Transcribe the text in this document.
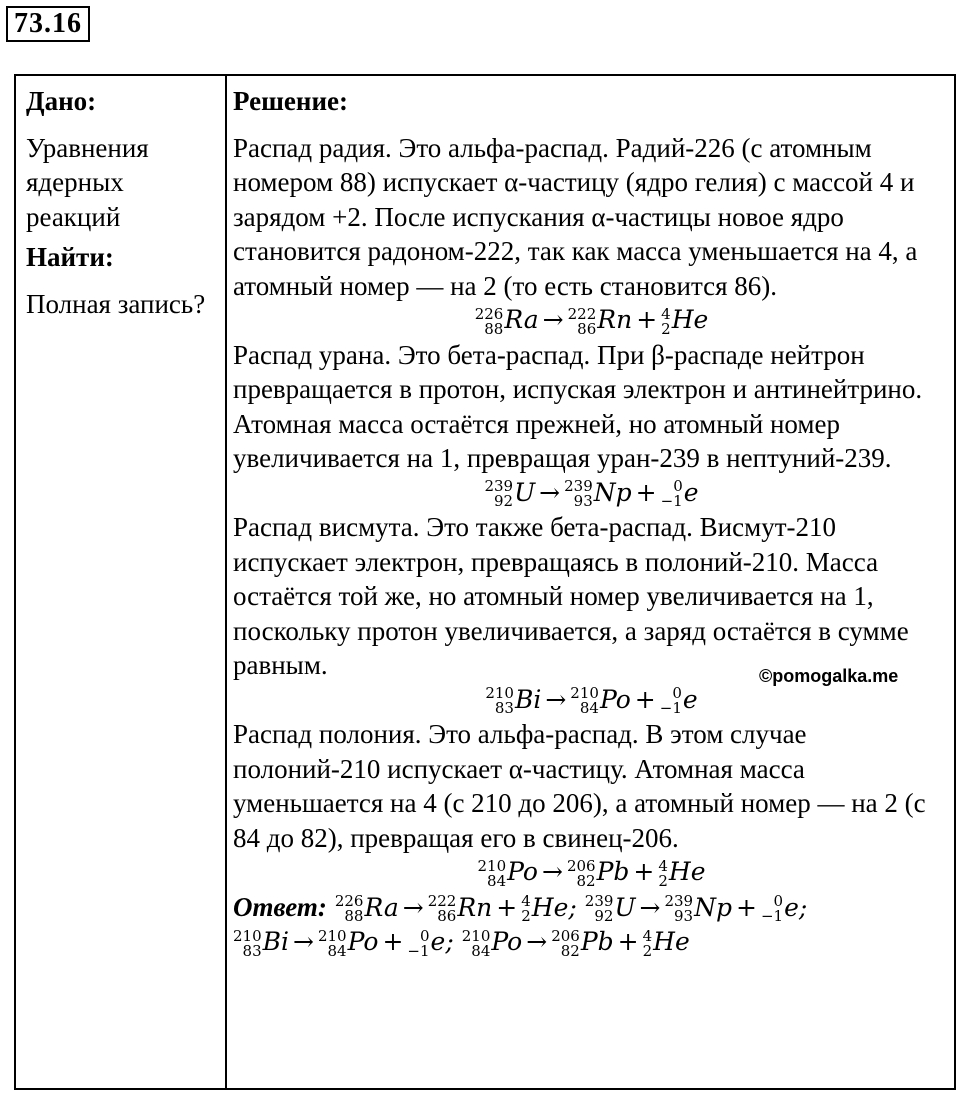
73.16
Дано:
Уравнения ядерных реакций
Найти:
Полная запись?

Решение:

Распад радия. Это альфа-распад. Радий-226 (с атомным номером 88) испускает α-частицу (ядро гелия) с массой 4 и зарядом +2. После испускания α-частицы новое ядро становится радоном-222, так как масса уменьшается на 4, а атомный номер — на 2 (то есть становится 86).

226
88 Ra → 222
86 Rn + 4
2 He

Распад урана. Это бета-распад. При β-распаде нейтрон превращается в протон, испуская электрон и антинейтрино. Атомная масса остаётся прежней, но атомный номер увеличивается на 1, превращая уран-239 в нептуний-239.

239
92 U → 239
93 Np +	0
−1 e

Распад висмута. Это также бета-распад. Висмут-210 испускает электрон, превращаясь в полоний-210. Масса остаётся той же, но атомный номер увеличивается на 1, поскольку протон увеличивается, а заряд остаётся в сумме равным.

210
83 Bi → 210
84 Po +	0
−1 e

Распад полония. Это альфа-распад. В этом случае полоний-210 испускает α-частицу. Атомная масса уменьшается на 4 (с 210 до 206), а атомный номер — на 2 (с 84 до 82), превращая его в свинец-206.

210
84 Po → 206
82 Pb + 4
2 He
Ответ: 226
88 Ra → 222
86 Rn + 4
2 He; 239
92 U → 239
93 Np +	0
−1 e;
210
83 Bi → 210
84 Po +	0
−1 e; 210
84 Po → 206
82 Pb + 4
2 He
©pomogalka.me
